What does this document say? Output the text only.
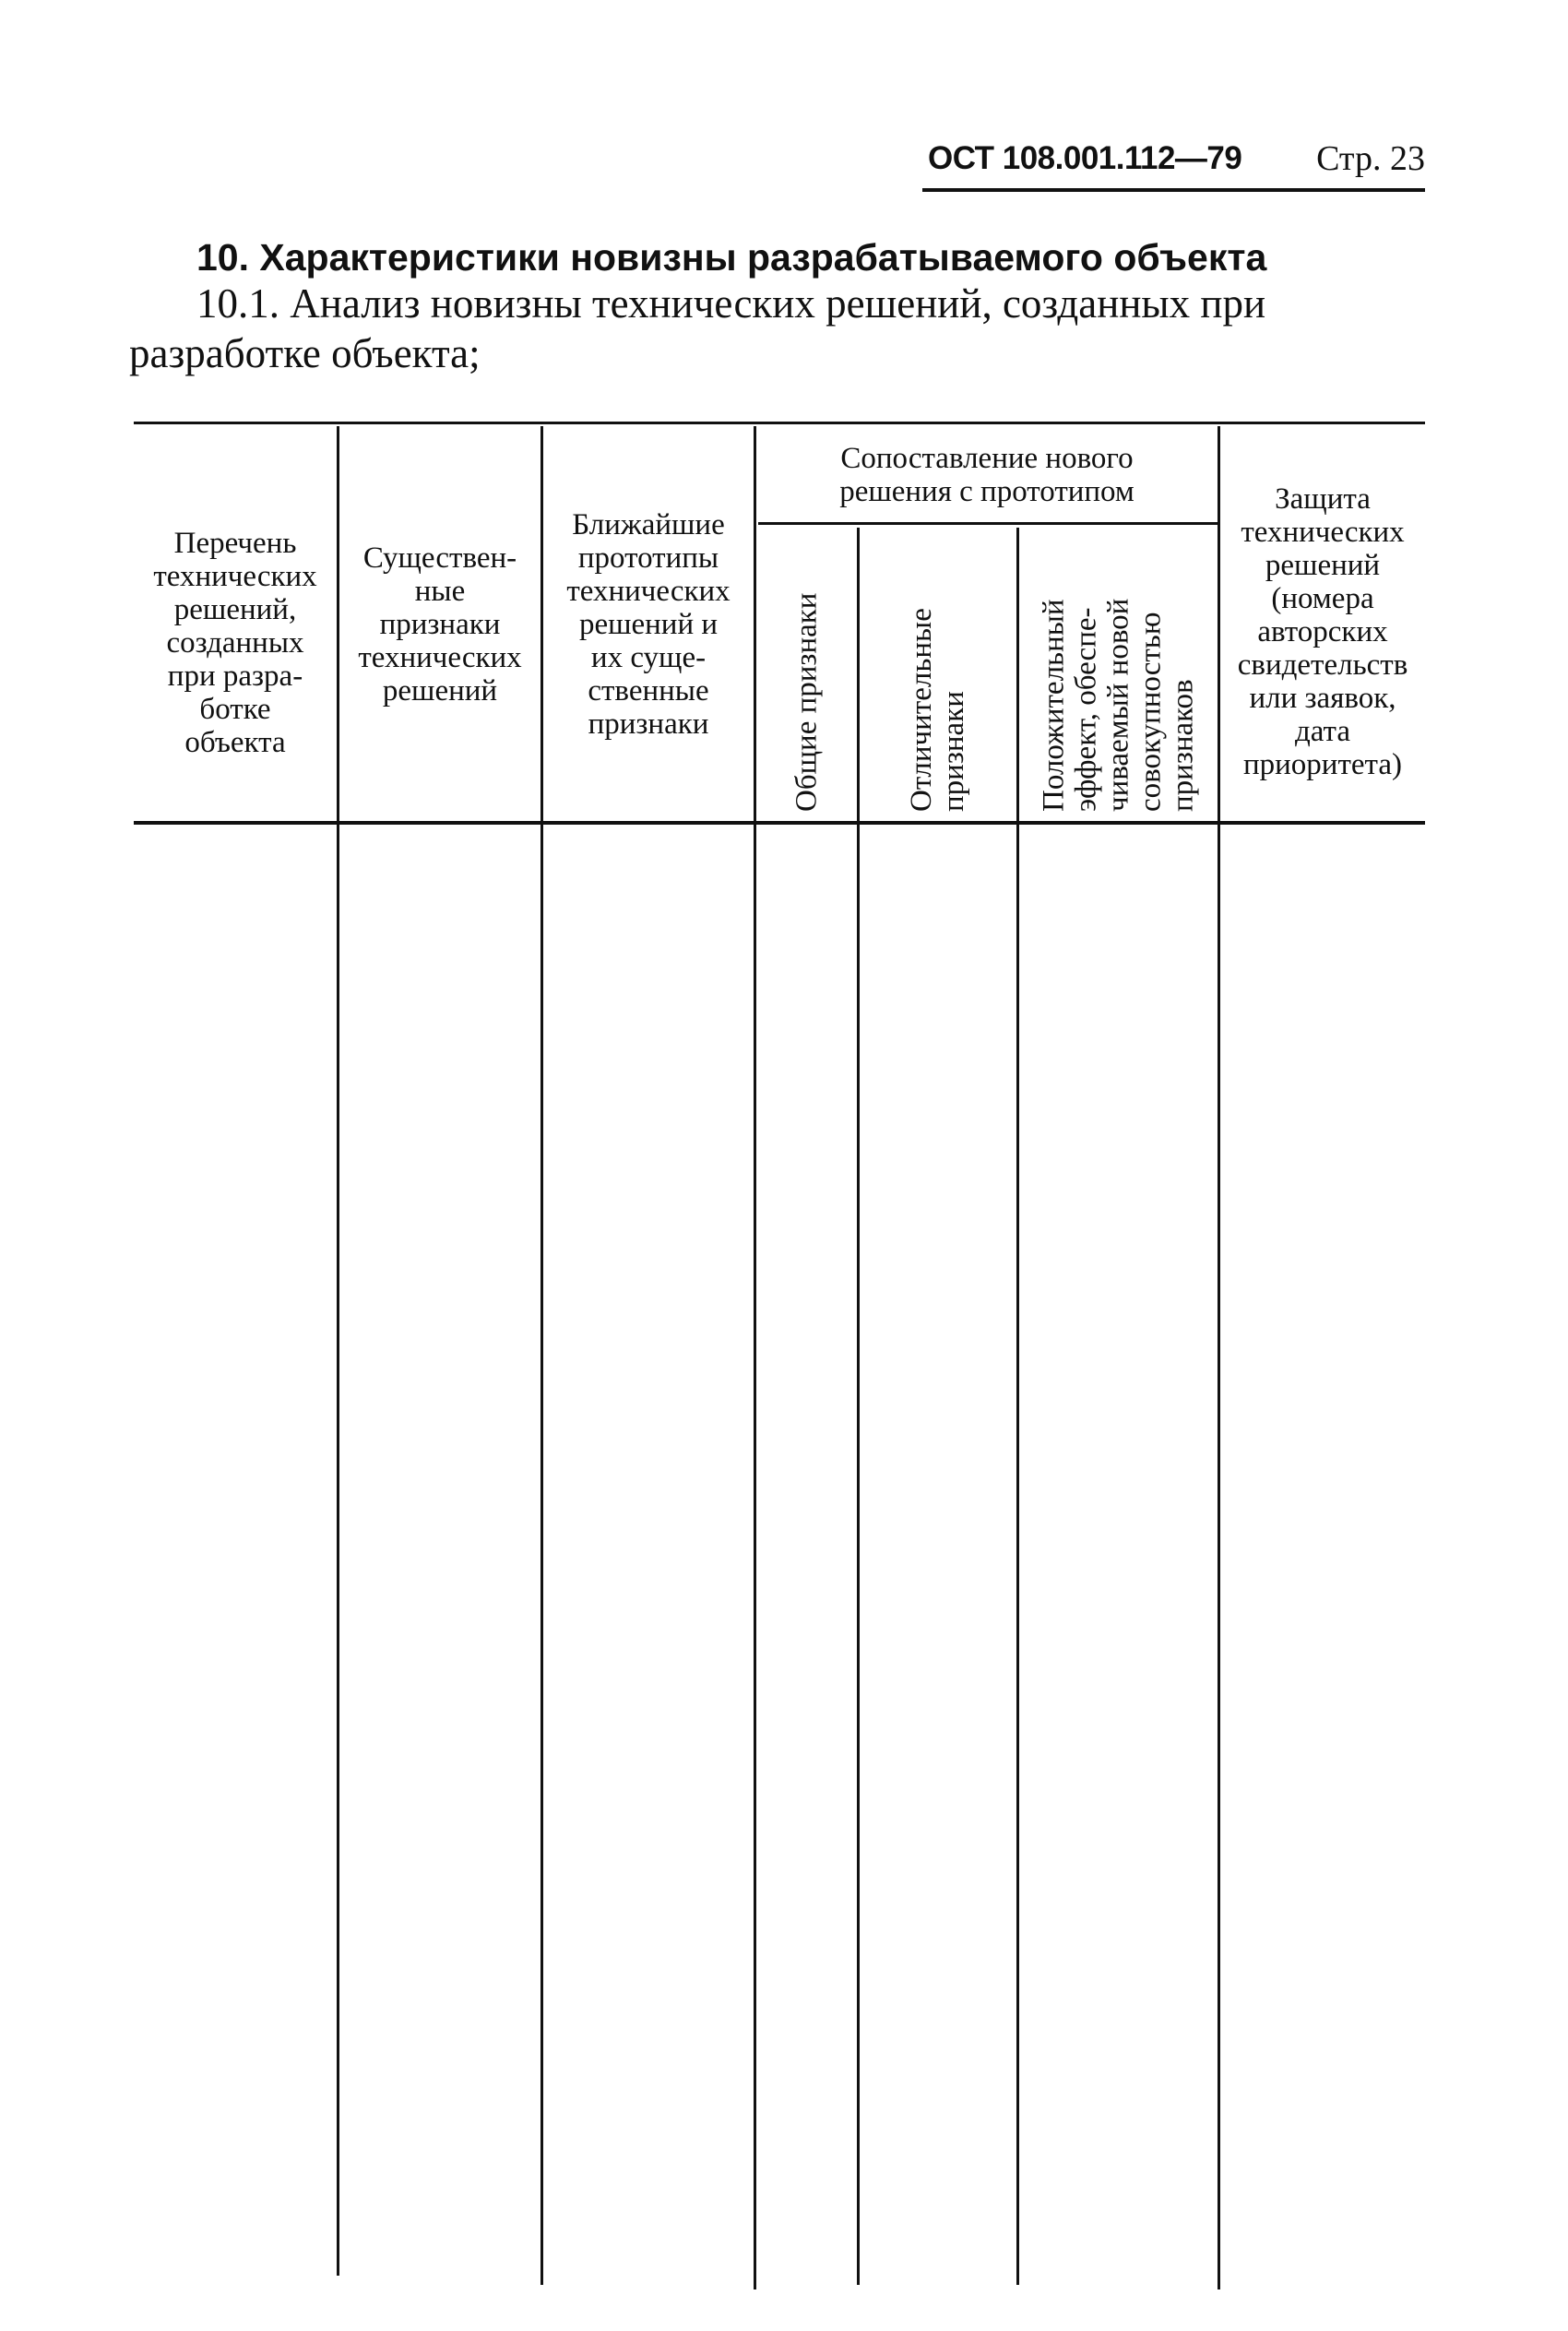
ОСТ 108.001.112—79 Стр. 23
10. Характеристики новизны разрабатываемого объекта

10.1. Анализ новизны технических решений, созданных при разработке объекта;

Перечень
технических
решений,
созданных
при разра-
ботке
объекта
Существен-
ные
признаки
технических
решений
Ближайшие
прототипы
технических
решений и
их суще-
ственные
признаки
Сопоставление нового
решения с прототипом
Общие признаки	Отличительные признаки Положительный эффект, обеспе- чиваемый новой совокупностью признаков
Защита
технических
решений
(номера
авторских
свидетельств
или заявок,
дата
приоритета)
